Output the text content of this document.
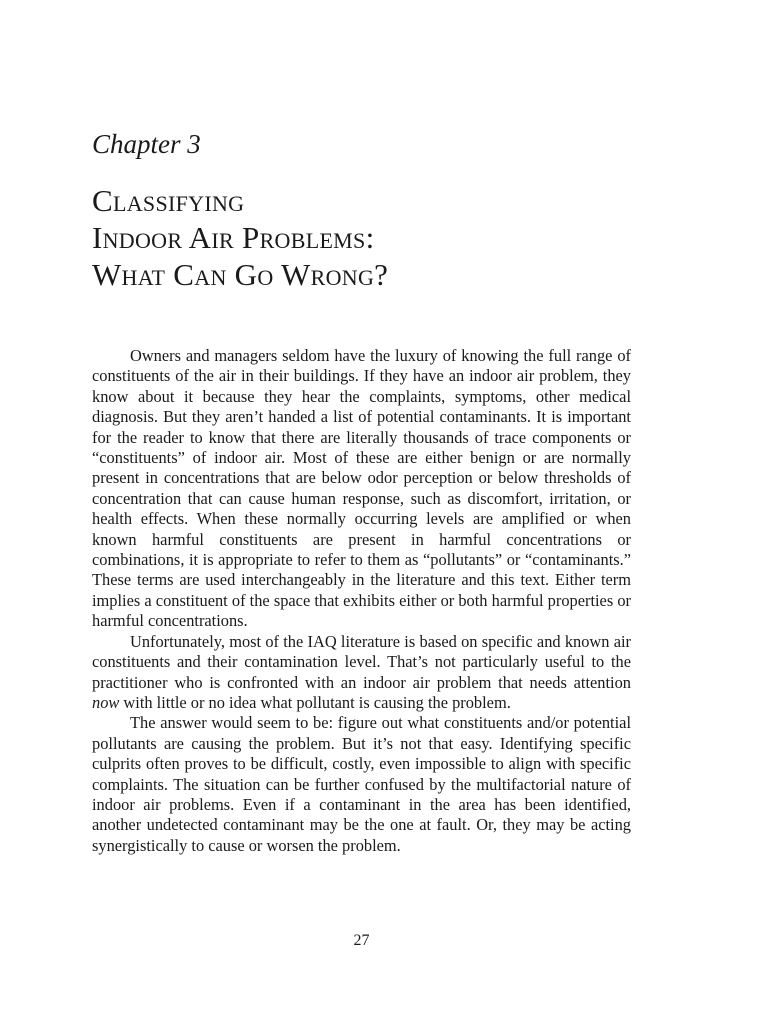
Chapter 3
Classifying
Indoor Air Problems:
What Can Go Wrong?

Owners and managers seldom have the luxury of knowing the full range of constituents of the air in their buildings. If they have an indoor air problem, they know about it because they hear the complaints, symptoms, other medical diagnosis. But they aren’t handed a list of potential contaminants. It is important for the reader to know that there are literally thousands of trace components or “constituents” of indoor air. Most of these are either benign or are normally present in concentrations that are below odor perception or below thresholds of concentration that can cause human response, such as discomfort, irritation, or health effects. When these normally occurring levels are amplified or when known harmful constituents are present in harmful concentrations or combinations, it is appropriate to refer to them as “pollutants” or “contaminants.” These terms are used interchangeably in the literature and this text. Either term implies a constituent of the space that exhibits either or both harmful properties or harmful concentrations.

Unfortunately, most of the IAQ literature is based on specific and known air constituents and their contamination level. That’s not particularly useful to the practitioner who is confronted with an indoor air problem that needs attention now with little or no idea what pollutant is causing the problem.

The answer would seem to be: figure out what constituents and/or potential pollutants are causing the problem. But it’s not that easy. Identifying specific culprits often proves to be difficult, costly, even impossible to align with specific complaints. The situation can be further confused by the multifactorial nature of indoor air problems. Even if a contaminant in the area has been identified, another undetected contaminant may be the one at fault. Or, they may be acting synergistically to cause or worsen the problem.

27
